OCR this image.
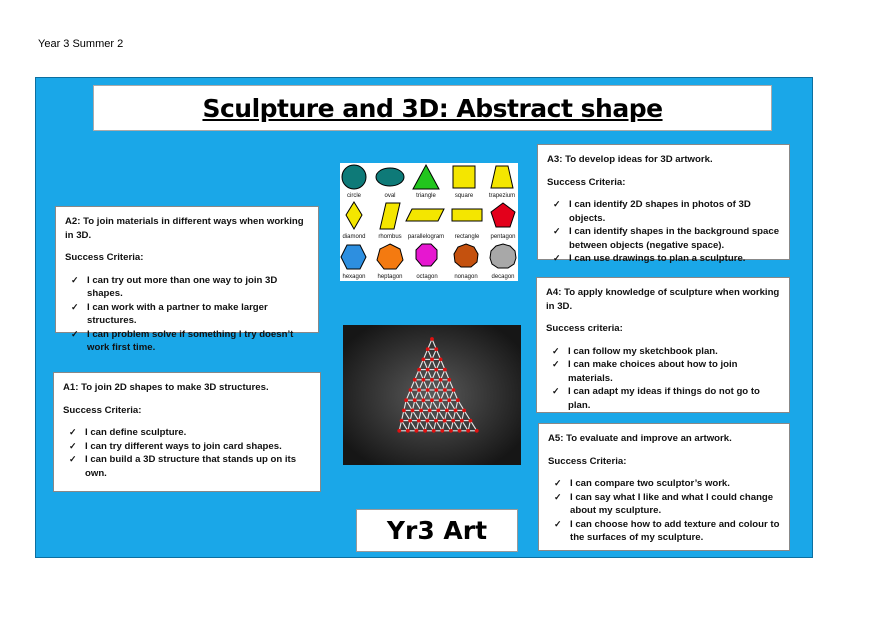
Year 3 Summer 2
Sculpture and 3D: Abstract shape

A2: To join materials in different ways when working in 3D.

Success Criteria:

✓ I can try out more than one way to join 3D shapes.
✓ I can work with a partner to make larger structures.
✓ I can problem solve if something I try doesn’t work first time.

A1: To join 2D shapes to make 3D structures.

Success Criteria:

✓ I can define sculpture.
✓ I can try different ways to join card shapes.
✓ I can build a 3D structure that stands up on its own.

A3: To develop ideas for 3D artwork.

Success Criteria:

✓ I can identify 2D shapes in photos of 3D objects.
✓ I can identify shapes in the background space between objects (negative space).
✓ I can use drawings to plan a sculpture.

A4: To apply knowledge of sculpture when working in 3D.

Success criteria:

✓ I can follow my sketchbook plan.
✓ I can make choices about how to join materials.
✓ I can adapt my ideas if things do not go to plan.

A5: To evaluate and improve an artwork.

Success Criteria:

✓ I can compare two sculptor’s work.
✓ I can say what I like and what I could change about my sculpture.
✓ I can choose how to add texture and colour to the surfaces of my sculpture.
circle	oval	triangle	square	trapezium
diamond rhombus parallelogram rectangle pentagon
hexagon heptagon octagon	nonagon decagon
Yr3 Art
